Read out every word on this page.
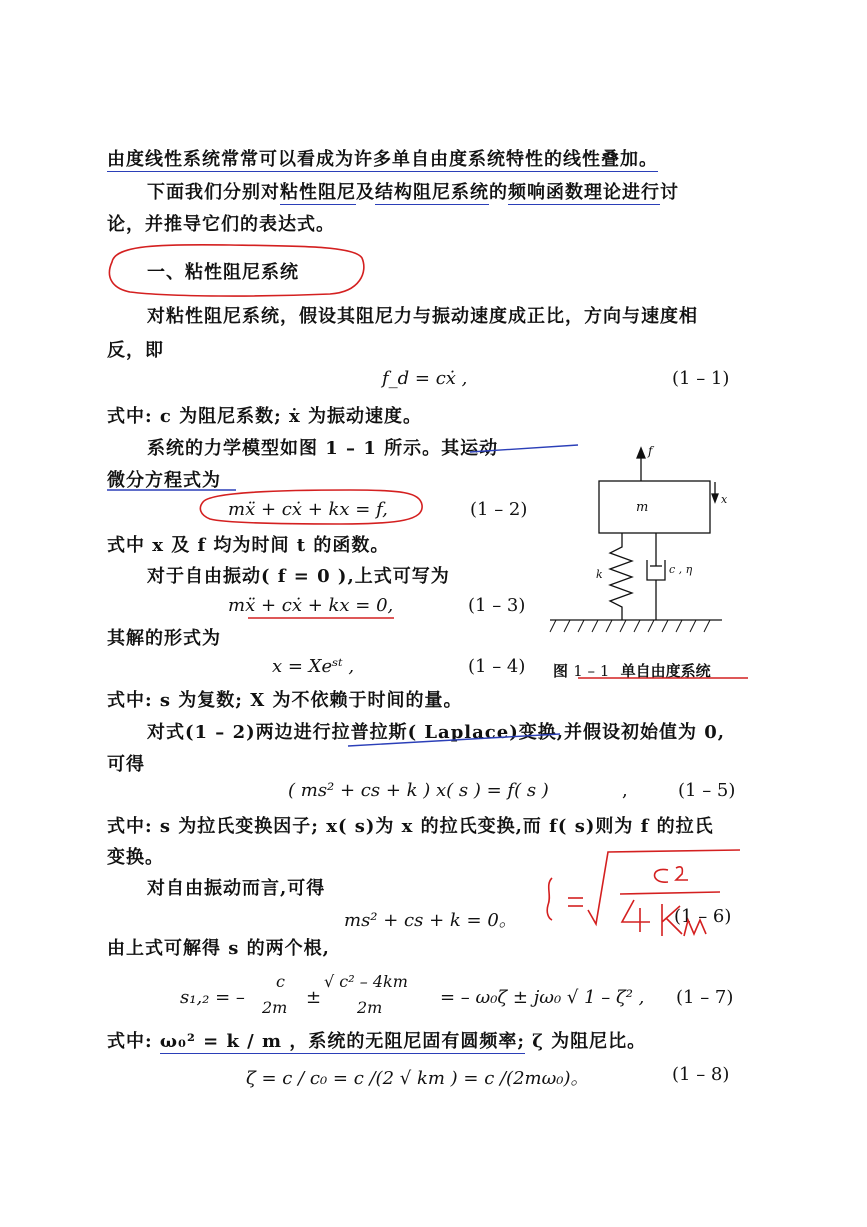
由度线性系统常常可以看成为许多单自由度系统特性的线性叠加。
下面我们分别对粘性阻尼及结构阻尼系统的频响函数理论进行讨
论，并推导它们的表达式。
一、粘性阻尼系统
对粘性阻尼系统，假设其阻尼力与振动速度成正比，方向与速度相
反，即
f_d = cẋ ,	(1 – 1)
式中: c 为阻尼系数; ẋ 为振动速度。
系统的力学模型如图 1 – 1 所示。其运动
微分方程式为
mẍ + cẋ + kx = f,	(1 – 2)
式中 x 及 f 均为时间 t 的函数。
对于自由振动( f = 0 ),上式可写为
mẍ + cẋ + kx = 0,	(1 – 3)
其解的形式为
x = Xeˢᵗ ,	(1 – 4) 图 1 – 1 单自由度系统
式中: s 为复数; X 为不依赖于时间的量。
对式(1 – 2)两边进行拉普拉斯( Laplace)变换,并假设初始值为 0,
可得
( ms² + cs + k ) x( s ) = f( s )	,	(1 – 5)
式中: s 为拉氏变换因子; x( s)为 x 的拉氏变换,而 f( s)则为 f 的拉氏
变换。
对自由振动而言,可得
ms² + cs + k = 0。	(1 – 6)
由上式可解得 s 的两个根,
s₁,₂ = –
c
2m ±
√ c² – 4km
2m	= – ω₀ζ ± jω₀ √ 1 – ζ² , (1 – 7)
式中: ω₀² = k / m ，系统的无阻尼固有圆频率; ζ 为阻尼比。
ζ = c / c₀ = c /(2 √ km ) = c /(2mω₀)。	(1 – 8)
f
m
x
k	c , η
